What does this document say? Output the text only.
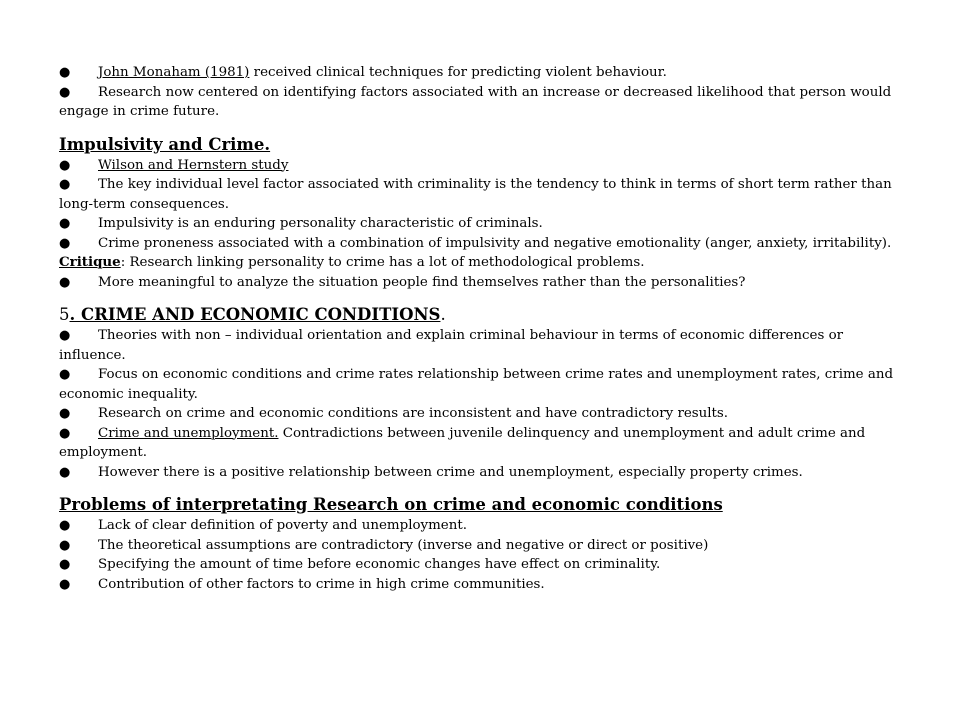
● John Monaham (1981) received clinical techniques for predicting violent behaviour.

● Research now centered on identifying factors associated with an increase or decreased likelihood that person would engage in crime future.

Impulsivity and Crime.

● Wilson and Hernstern study

● The key individual level factor associated with criminality is the tendency to think in terms of short term rather than long-term consequences.

● Impulsivity is an enduring personality characteristic of criminals.

● Crime proneness associated with a combination of impulsivity and negative emotionality (anger, anxiety, irritability).

Critique: Research linking personality to crime has a lot of methodological problems.

● More meaningful to analyze the situation people find themselves rather than the personalities?

5. CRIME AND ECONOMIC CONDITIONS.

● Theories with non – individual orientation and explain criminal behaviour in terms of economic differences or influence.

● Focus on economic conditions and crime rates relationship between crime rates and unemployment rates, crime and economic inequality.

● Research on crime and economic conditions are inconsistent and have contradictory results.

● Crime and unemployment. Contradictions between juvenile delinquency and unemployment and adult crime and employment.

● However there is a positive relationship between crime and unemployment, especially property crimes.

Problems of interpretating Research on crime and economic conditions

● Lack of clear definition of poverty and unemployment.

● The theoretical assumptions are contradictory (inverse and negative or direct or positive)

● Specifying the amount of time before economic changes have effect on criminality.

● Contribution of other factors to crime in high crime communities.
